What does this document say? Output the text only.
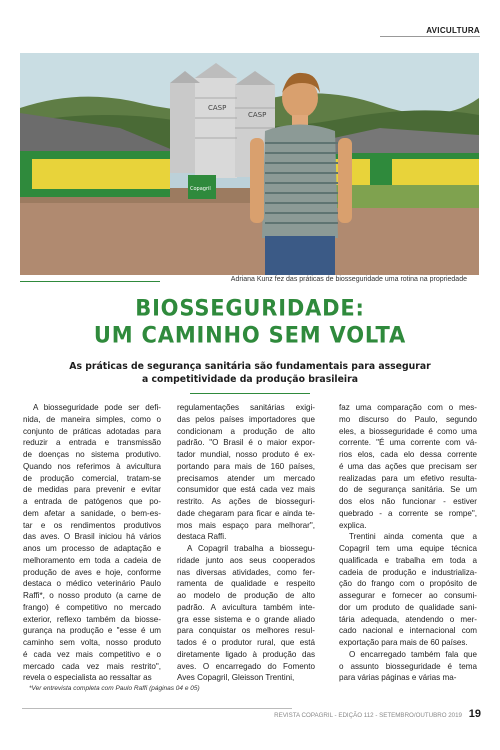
AVICULTURA
CASP
CASP
Copagril
Adriana Kunz fez das práticas de biosseguridade uma rotina na propriedade
BIOSSEGURIDADE:
UM CAMINHO SEM VOLTA
As práticas de segurança sanitária são fundamentais para assegurar
a competitividade da produção brasileira
A biosseguridade pode ser defi-
nida, de maneira simples, como o
conjunto de práticas adotadas para
reduzir a entrada e transmissão
de doenças no sistema produtivo.
Quando nos referimos à avicultura
de produção comercial, tratam-se
de medidas para prevenir e evitar
a entrada de patógenos que po-
dem afetar a sanidade, o bem-es-
tar e os rendimentos produtivos
das aves. O Brasil iniciou há vários
anos um processo de adaptação e
melhoramento em toda a cadeia de
produção de aves e hoje, conforme
destaca o médico veterinário Paulo
Raffi*, o nosso produto (a carne de
frango) é competitivo no mercado
exterior, reflexo também da biosse-
gurança na produção e "esse é um
caminho sem volta, nosso produto
é cada vez mais competitivo e o
mercado cada vez mais restrito",
revela o especialista ao ressaltar as
regulamentações sanitárias exigi-
das pelos países importadores que
condicionam a produção de alto
padrão. "O Brasil é o maior expor-
tador mundial, nosso produto é ex-
portando para mais de 160 países,
precisamos atender um mercado
consumidor que está cada vez mais
restrito. As ações de biosseguri-
dade chegaram para ficar e ainda te-
mos mais espaço para melhorar",
destaca Raffi.
A Copagril trabalha a biossegu-
ridade junto aos seus cooperados
nas diversas atividades, como fer-
ramenta de qualidade e respeito
ao modelo de produção de alto
padrão. A avicultura também inte-
gra esse sistema e o grande aliado
para conquistar os melhores resul-
tados é o produtor rural, que está
diretamente ligado à produção das
aves. O encarregado do Fomento
Aves Copagril, Gleisson Trentini,
faz uma comparação com o mes-
mo discurso do Paulo, segundo
eles, a biosseguridade é como uma
corrente. "É uma corrente com vá-
rios elos, cada elo dessa corrente
é uma das ações que precisam ser
realizadas para um efetivo resulta-
do de segurança sanitária. Se um
dos elos não funcionar - estiver
quebrado - a corrente se rompe",
explica.
Trentini ainda comenta que a
Copagril tem uma equipe técnica
qualificada e trabalha em toda a
cadeia de produção e industrializa-
ção do frango com o propósito de
assegurar e fornecer ao consumi-
dor um produto de qualidade sani-
tária adequada, atendendo o mer-
cado nacional e internacional com
exportação para mais de 60 países.
O encarregado também fala que
o assunto biosseguridade é tema
para várias páginas e várias ma-
*Ver entrevista completa com Paulo Raffi (páginas 04 e 05)
REVISTA COPAGRIL - EDIÇÃO 112 - SETEMBRO/OUTUBRO 2019 19
